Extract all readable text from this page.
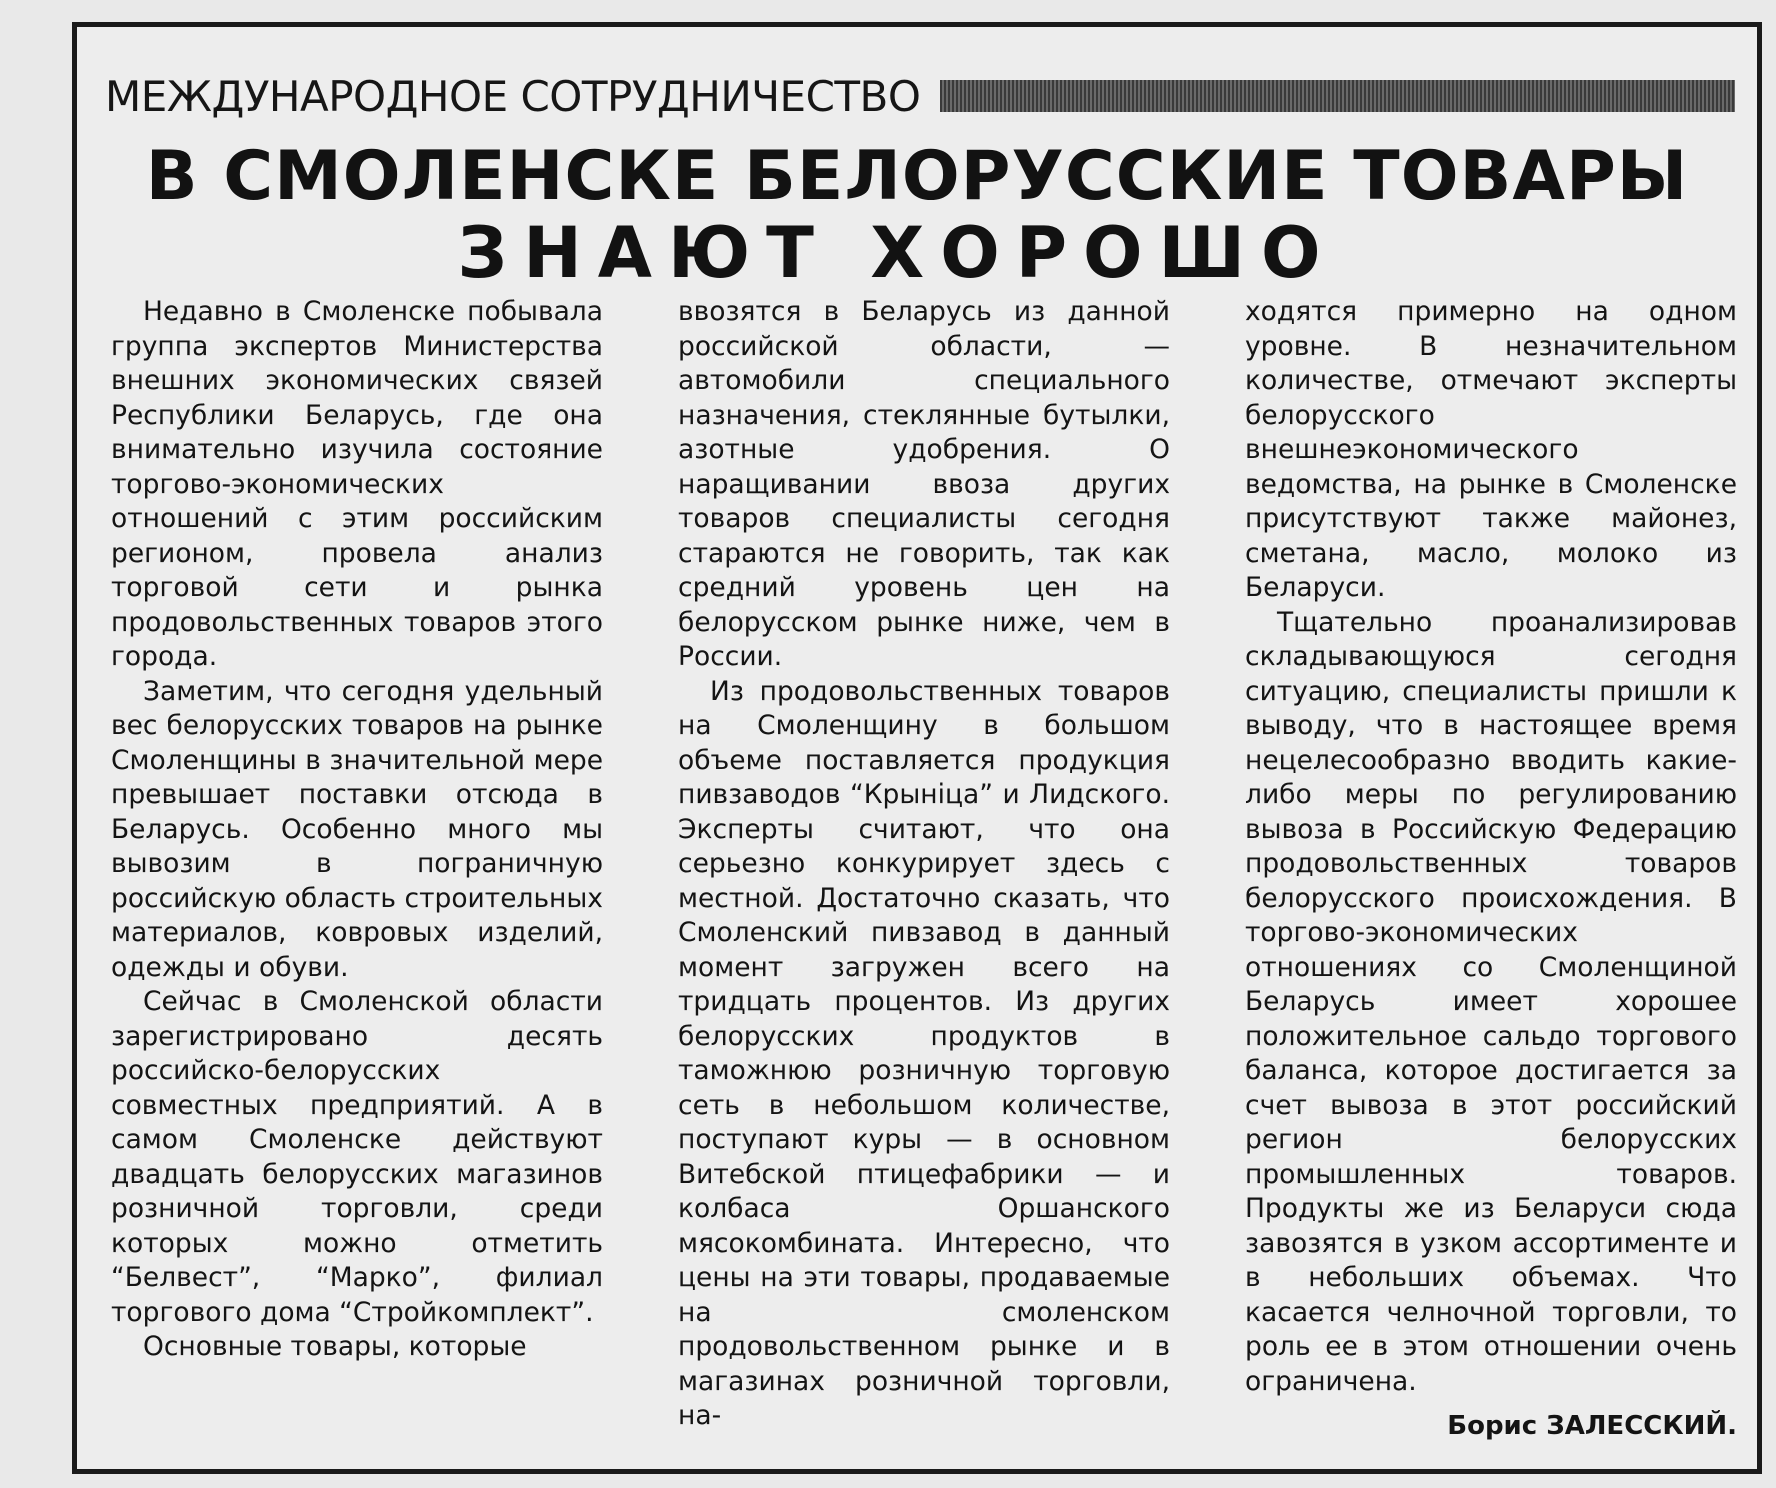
МЕЖДУНАРОДНОЕ СОТРУДНИЧЕСТВО
В СМОЛЕНСКЕ БЕЛОРУССКИЕ ТОВАРЫ
ЗНАЮТ ХОРОШО

Недавно в Смоленске побывала группа экспертов Министерства внешних экономических связей Республики Беларусь, где она внимательно изучила состояние торгово-экономических отношений с этим российским регионом, провела анализ торговой сети и рынка продовольственных товаров этого города.

Заметим, что сегодня удельный вес белорусских товаров на рынке Смоленщины в значительной мере превышает поставки отсюда в Беларусь. Особенно много мы вывозим в пограничную российскую область строительных материалов, ковровых изделий, одежды и обуви.

Сейчас в Смоленской области зарегистрировано десять российско-белорусских совместных предприятий. А в самом Смоленске действуют двадцать белорусских магазинов розничной торговли, среди которых можно отметить “Белвест”, “Марко”, филиал торгового дома “Стройкомплект”.

Основные товары, которые

ввозятся в Беларусь из данной российской области, — автомобили специального назначения, стеклянные бутылки, азотные удобрения. О наращивании ввоза других товаров специалисты сегодня стараются не говорить, так как средний уровень цен на белорусском рынке ниже, чем в России.

Из продовольственных товаров на Смоленщину в большом объеме поставляется продукция пивзаводов “Крынiца” и Лидского. Эксперты считают, что она серьезно конкурирует здесь с местной. Достаточно сказать, что Смоленский пивзавод в данный момент загружен всего на тридцать процентов. Из других белорусских продуктов в таможнюю розничную торговую сеть в небольшом количестве, поступают куры — в основном Витебской птицефабрики — и колбаса Оршанского мясокомбината. Интересно, что цены на эти товары, продаваемые на смоленском продовольственном рынке и в магазинах розничной торговли, на-

ходятся примерно на одном уровне. В незначительном количестве, отмечают эксперты белорусского внешнеэкономического ведомства, на рынке в Смоленске присутствуют также майонез, сметана, масло, молоко из Беларуси.

Тщательно проанализировав складывающуюся сегодня ситуацию, специалисты пришли к выводу, что в настоящее время нецелесообразно вводить какие-либо меры по регулированию вывоза в Российскую Федерацию продовольственных товаров белорусского происхождения. В торгово-экономических отношениях со Смоленщиной Беларусь имеет хорошее положительное сальдо торгового баланса, которое достигается за счет вывоза в этот российский регион белорусских промышленных товаров. Продукты же из Беларуси сюда завозятся в узком ассортименте и в небольших объемах. Что касается челночной торговли, то роль ее в этом отношении очень ограничена.

Борис ЗАЛЕССКИЙ.
